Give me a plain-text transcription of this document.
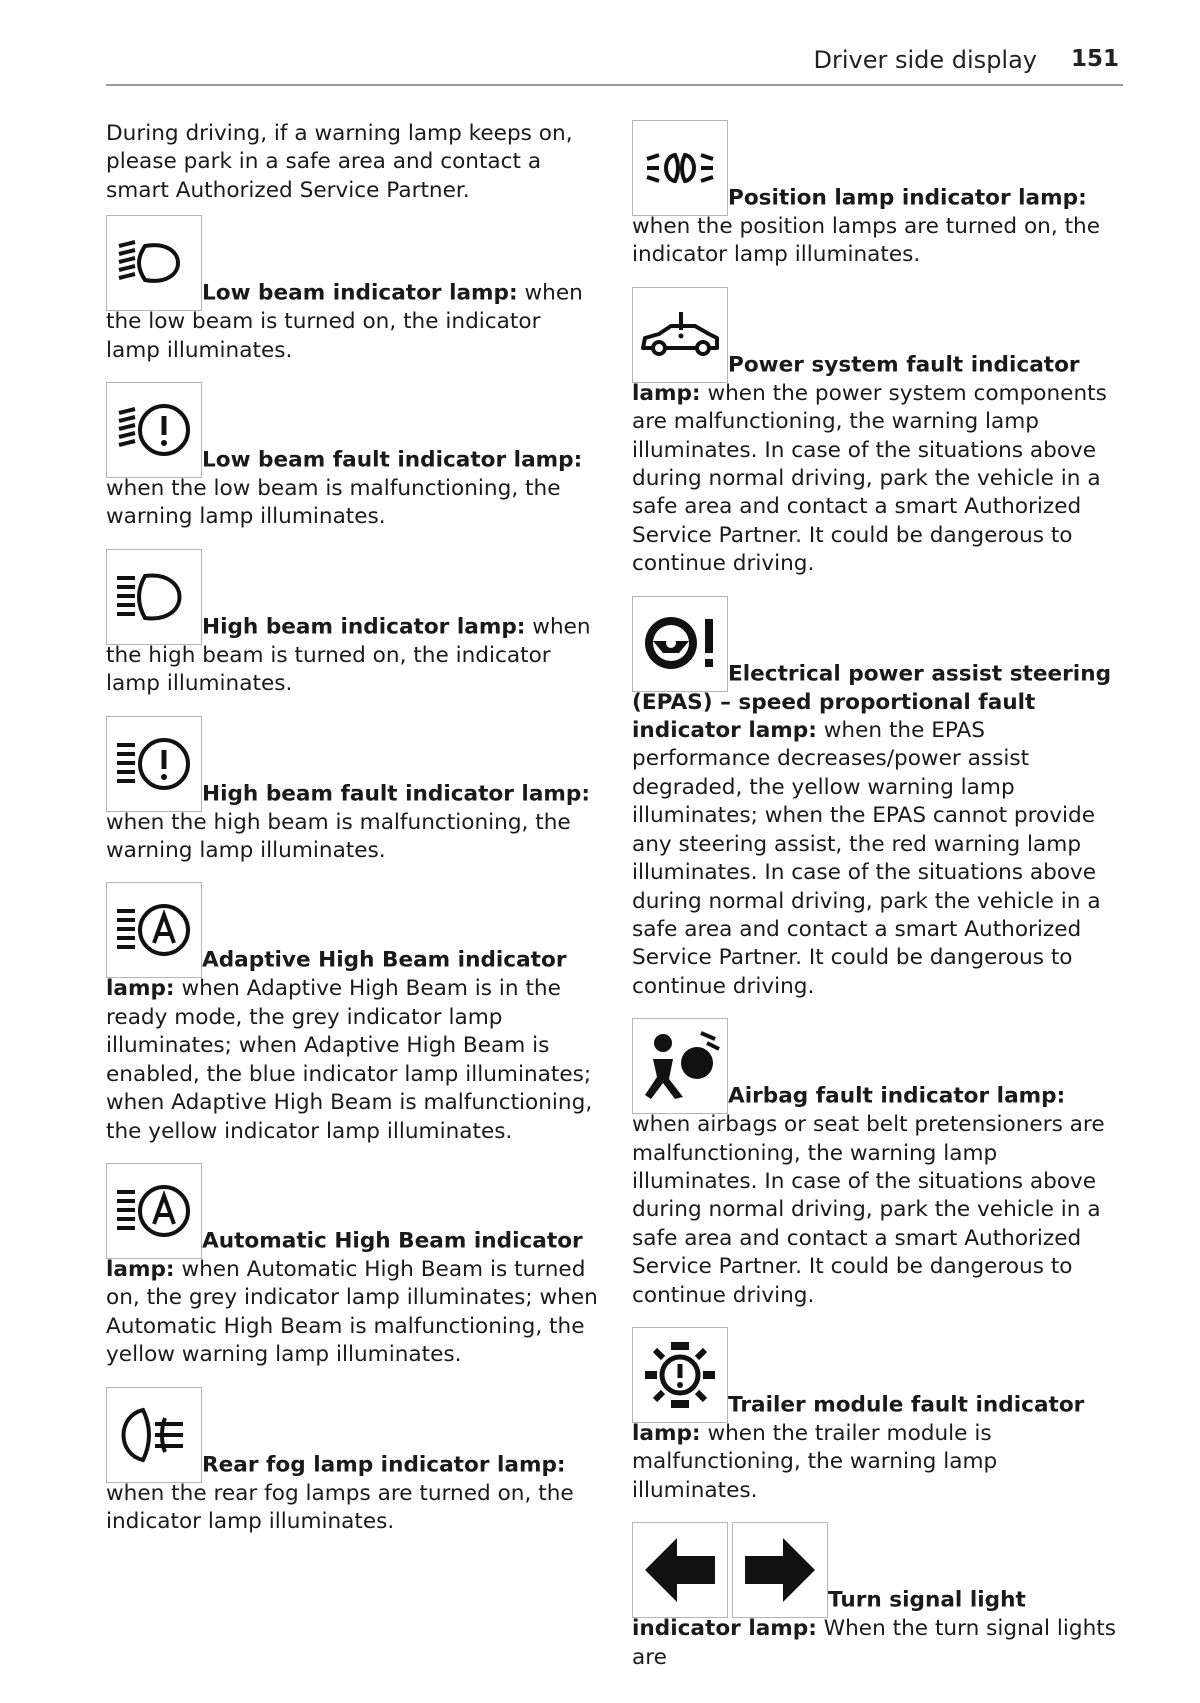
Driver side display 151

During driving, if a warning lamp keeps on, please park in a safe area and contact a smart Authorized Service Partner.

Low beam indicator lamp: when the low beam is turned on, the indicator lamp illuminates.
Low beam fault indicator lamp: when the low beam is malfunctioning, the warning lamp illuminates.
High beam indicator lamp: when the high beam is turned on, the indicator lamp illuminates.
High beam fault indicator lamp: when the high beam is malfunctioning, the warning lamp illuminates.
Adaptive High Beam indicator lamp: when Adaptive High Beam is in the ready mode, the grey indicator lamp illuminates; when Adaptive High Beam is enabled, the blue indicator lamp illuminates; when Adaptive High Beam is malfunctioning, the yellow indicator lamp illuminates.
Automatic High Beam indicator lamp: when Automatic High Beam is turned on, the grey indicator lamp illuminates; when Automatic High Beam is malfunctioning, the yellow warning lamp illuminates.
Rear fog lamp indicator lamp: when the rear fog lamps are turned on, the indicator lamp illuminates.
Position lamp indicator lamp: when the position lamps are turned on, the indicator lamp illuminates.
Power system fault indicator lamp: when the power system components are malfunctioning, the warning lamp illuminates. In case of the situations above during normal driving, park the vehicle in a safe area and contact a smart Authorized Service Partner. It could be dangerous to continue driving.
Electrical power assist steering (EPAS) – speed proportional fault indicator lamp: when the EPAS performance decreases/power assist degraded, the yellow warning lamp illuminates; when the EPAS cannot provide any steering assist, the red warning lamp illuminates. In case of the situations above during normal driving, park the vehicle in a safe area and contact a smart Authorized Service Partner. It could be dangerous to continue driving.
Airbag fault indicator lamp: when airbags or seat belt pretensioners are malfunctioning, the warning lamp illuminates. In case of the situations above during normal driving, park the vehicle in a safe area and contact a smart Authorized Service Partner. It could be dangerous to continue driving.
Trailer module fault indicator lamp: when the trailer module is malfunctioning, the warning lamp illuminates.
Turn signal light indicator lamp: When the turn signal lights are
